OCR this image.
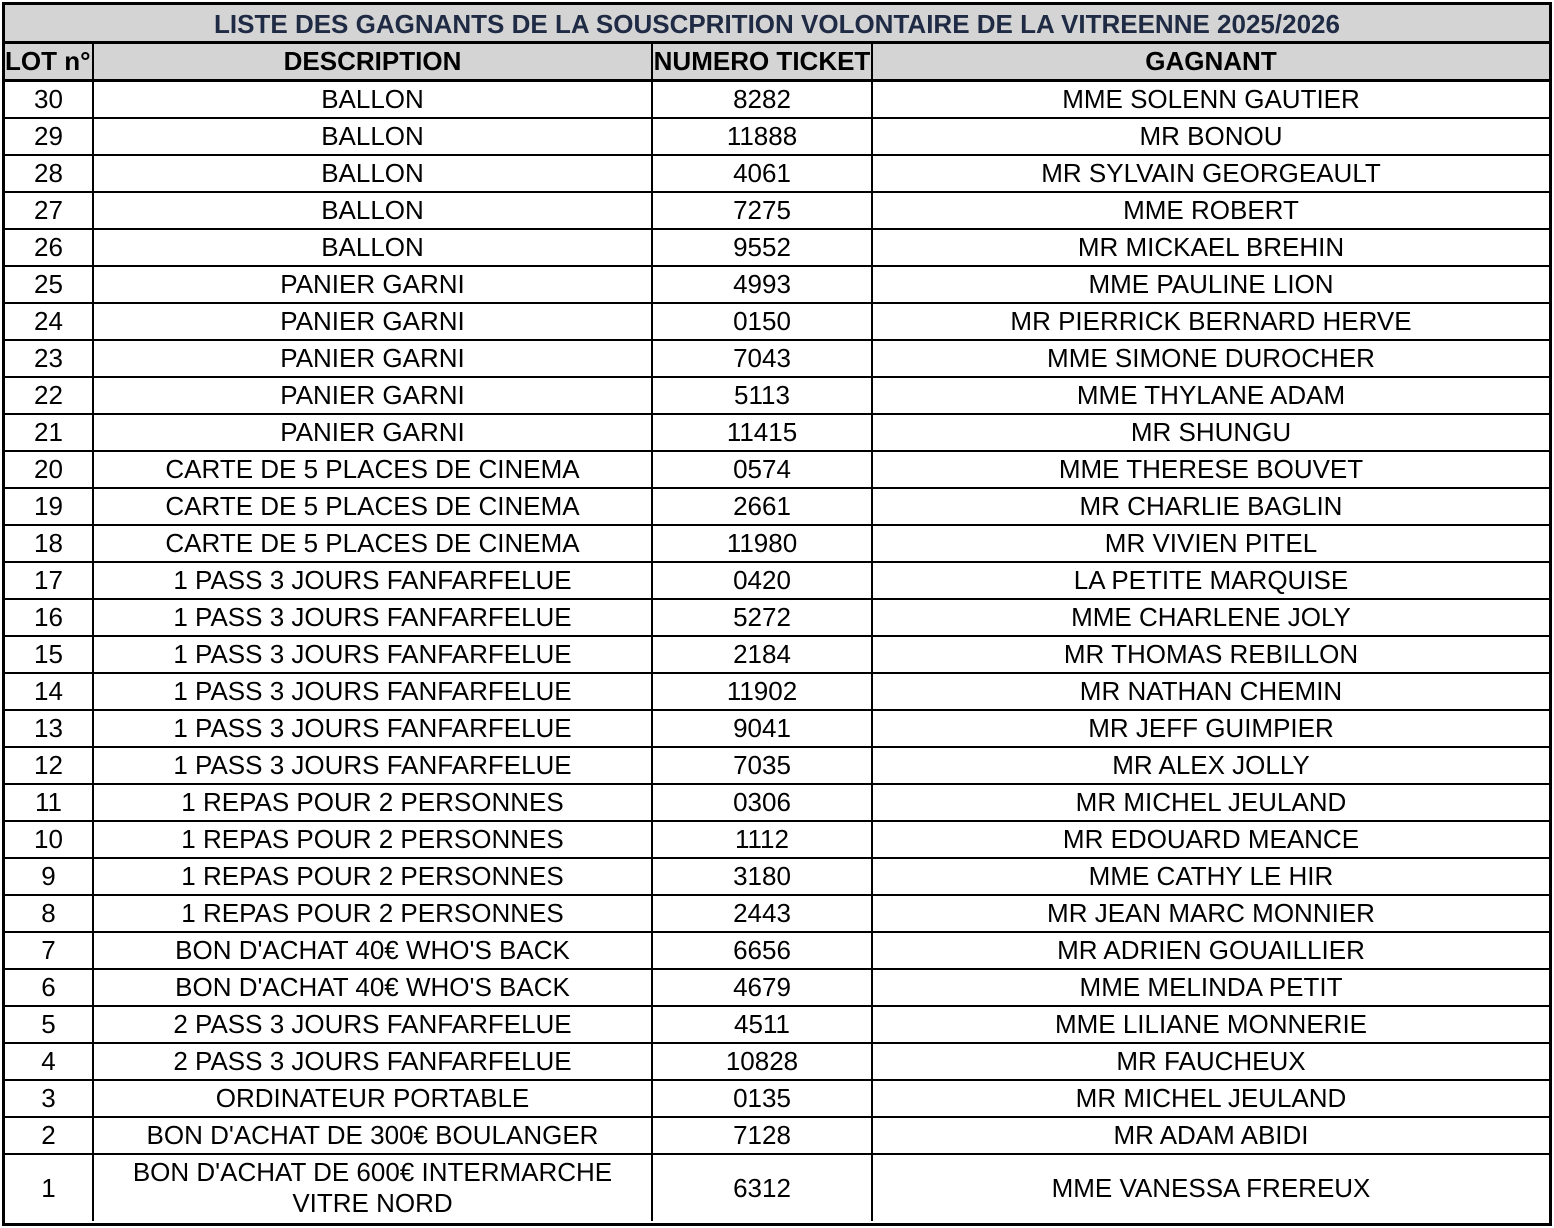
LISTE DES GAGNANTS DE LA SOUSCPRITION VOLONTAIRE DE LA VITREENNE 2025/2026
LOT n°	DESCRIPTION	NUMERO TICKET	GAGNANT
30	BALLON	8282	MME SOLENN GAUTIER
29	BALLON	11888	MR BONOU
28	BALLON	4061	MR SYLVAIN GEORGEAULT
27	BALLON	7275	MME ROBERT
26	BALLON	9552	MR MICKAEL BREHIN
25	PANIER GARNI	4993	MME PAULINE LION
24	PANIER GARNI	0150	MR PIERRICK BERNARD HERVE
23	PANIER GARNI	7043	MME SIMONE DUROCHER
22	PANIER GARNI	5113	MME THYLANE ADAM
21	PANIER GARNI	11415	MR SHUNGU
20	CARTE DE 5 PLACES DE CINEMA	0574	MME THERESE BOUVET
19	CARTE DE 5 PLACES DE CINEMA	2661	MR CHARLIE BAGLIN
18	CARTE DE 5 PLACES DE CINEMA	11980	MR VIVIEN PITEL
17	1 PASS 3 JOURS FANFARFELUE	0420	LA PETITE MARQUISE
16	1 PASS 3 JOURS FANFARFELUE	5272	MME CHARLENE JOLY
15	1 PASS 3 JOURS FANFARFELUE	2184	MR THOMAS REBILLON
14	1 PASS 3 JOURS FANFARFELUE	11902	MR NATHAN CHEMIN
13	1 PASS 3 JOURS FANFARFELUE	9041	MR JEFF GUIMPIER
12	1 PASS 3 JOURS FANFARFELUE	7035	MR ALEX JOLLY
11	1 REPAS POUR 2 PERSONNES	0306	MR MICHEL JEULAND
10	1 REPAS POUR 2 PERSONNES	1112	MR EDOUARD MEANCE
9	1 REPAS POUR 2 PERSONNES	3180	MME CATHY LE HIR
8	1 REPAS POUR 2 PERSONNES	2443	MR JEAN MARC MONNIER
7	BON D'ACHAT 40€ WHO'S BACK	6656	MR ADRIEN GOUAILLIER
6	BON D'ACHAT 40€ WHO'S BACK	4679	MME MELINDA PETIT
5	2 PASS 3 JOURS FANFARFELUE	4511	MME LILIANE MONNERIE
4	2 PASS 3 JOURS FANFARFELUE	10828	MR FAUCHEUX
3	ORDINATEUR PORTABLE	0135	MR MICHEL JEULAND
2	BON D'ACHAT DE 300€ BOULANGER	7128	MR ADAM ABIDI
1	BON D'ACHAT DE 600€ INTERMARCHE VITRE NORD	6312	MME VANESSA FREREUX
